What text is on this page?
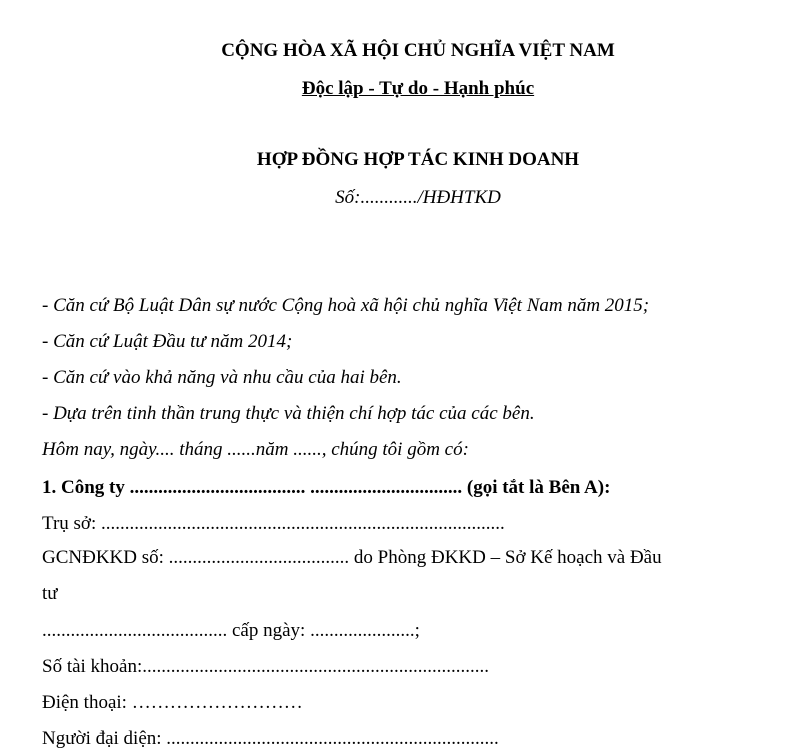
CỘNG HÒA XÃ HỘI CHỦ NGHĨA VIỆT NAM
Độc lập - Tự do - Hạnh phúc
HỢP ĐỒNG HỢP TÁC KINH DOANH
Số:............/HĐHTKD
- Căn cứ Bộ Luật Dân sự nước Cộng hoà xã hội chủ nghĩa Việt Nam năm 2015;
- Căn cứ Luật Đầu tư năm 2014;
- Căn cứ vào khả năng và nhu cầu của hai bên.
- Dựa trên tinh thần trung thực và thiện chí hợp tác của các bên.
Hôm nay, ngày.... tháng ......năm ......, chúng tôi gồm có:
1. Công ty ..................................... ................................ (gọi tắt là Bên A):
Trụ sở: .....................................................................................
GCNĐKKD số: ...................................... do Phòng ĐKKD – Sở Kế hoạch và Đầu
tư
....................................... cấp ngày: ......................;
Số tài khoản:.........................................................................
Điện thoại: ………………………
Người đại diện: ......................................................................
